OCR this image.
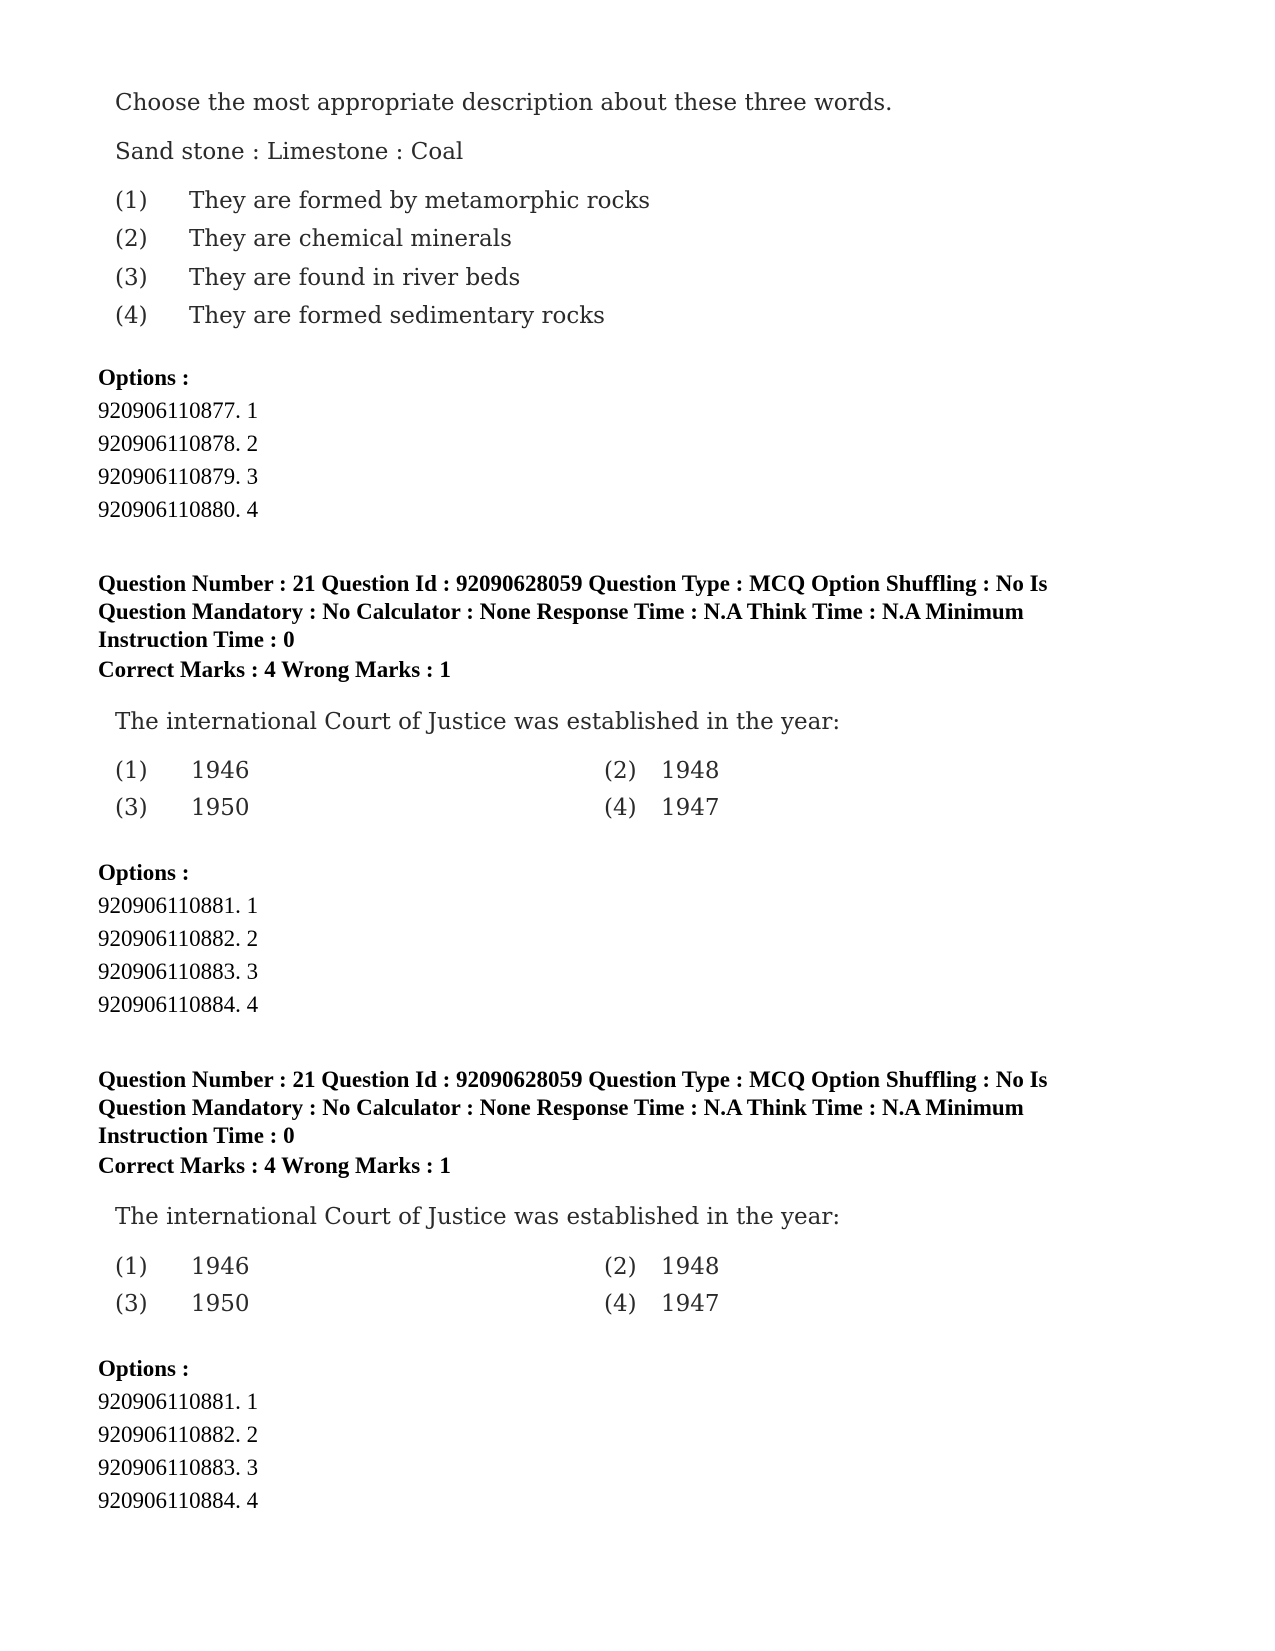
Choose the most appropriate description about these three words.
Sand stone : Limestone : Coal
(1) They are formed by metamorphic rocks
(2) They are chemical minerals
(3) They are found in river beds
(4) They are formed sedimentary rocks
Options :
920906110877. 1
920906110878. 2
920906110879. 3
920906110880. 4
Question Number : 21 Question Id : 92090628059 Question Type : MCQ Option Shuffling : No Is
Question Mandatory : No Calculator : None Response Time : N.A Think Time : N.A Minimum
Instruction Time : 0
Correct Marks : 4 Wrong Marks : 1
The international Court of Justice was established in the year:
(1) 1946	(2) 1948
(3) 1950	(4) 1947
Options :
920906110881. 1
920906110882. 2
920906110883. 3
920906110884. 4
Question Number : 21 Question Id : 92090628059 Question Type : MCQ Option Shuffling : No Is
Question Mandatory : No Calculator : None Response Time : N.A Think Time : N.A Minimum
Instruction Time : 0
Correct Marks : 4 Wrong Marks : 1
The international Court of Justice was established in the year:
(1) 1946	(2) 1948
(3) 1950	(4) 1947
Options :
920906110881. 1
920906110882. 2
920906110883. 3
920906110884. 4
